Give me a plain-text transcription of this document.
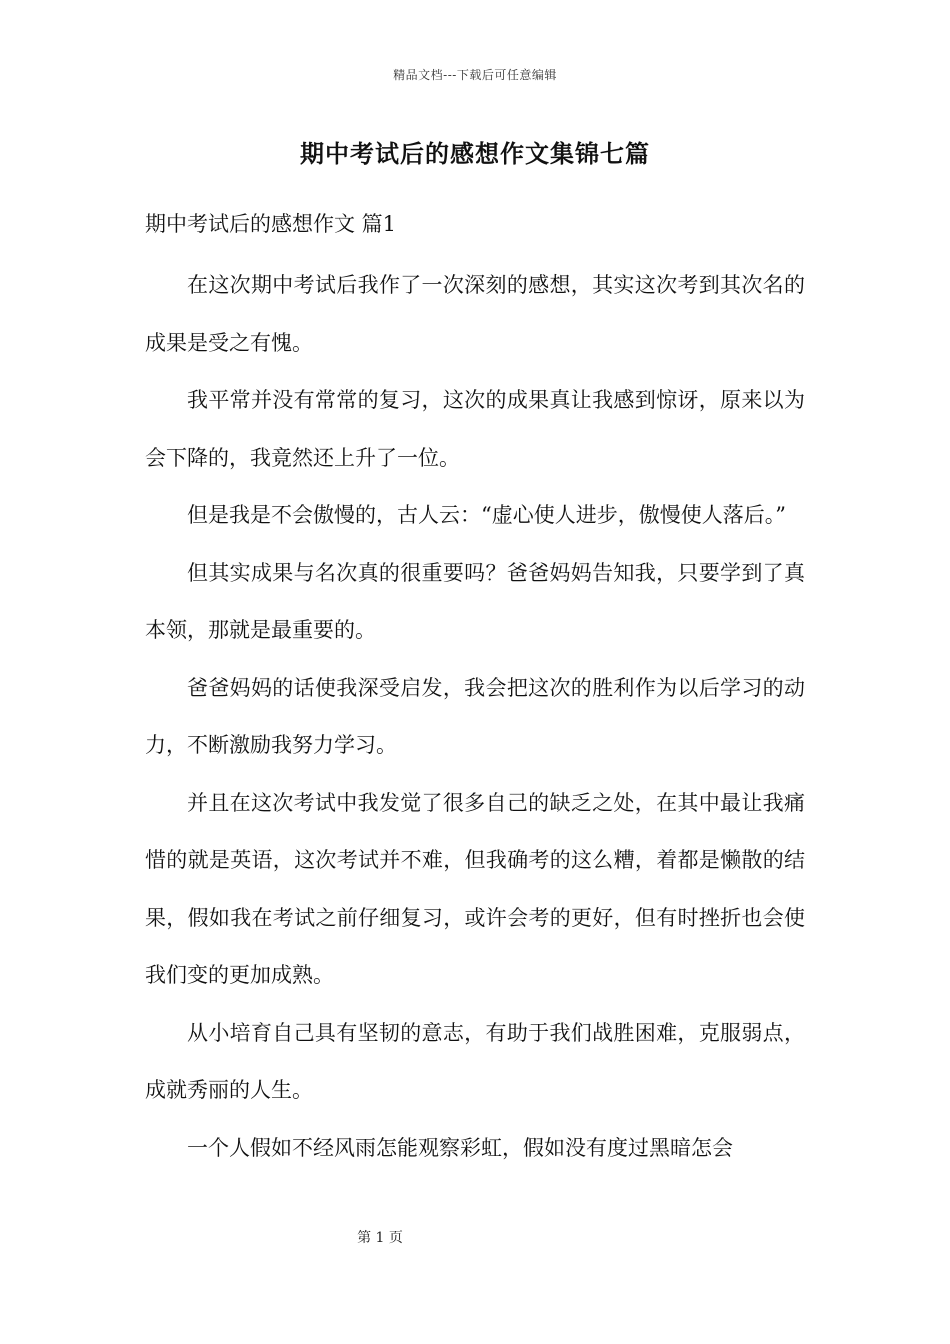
精品文档---下载后可任意编辑
期中考试后的感想作文集锦七篇
期中考试后的感想作文 篇1

在这次期中考试后我作了一次深刻的感想，其实这次考到其次名的成果是受之有愧。

我平常并没有常常的复习，这次的成果真让我感到惊讶，原来以为会下降的，我竟然还上升了一位。

但是我是不会傲慢的，古人云：“虚心使人进步，傲慢使人落后。”

但其实成果与名次真的很重要吗？爸爸妈妈告知我，只要学到了真本领，那就是最重要的。

爸爸妈妈的话使我深受启发，我会把这次的胜利作为以后学习的动力，不断激励我努力学习。

并且在这次考试中我发觉了很多自己的缺乏之处，在其中最让我痛惜的就是英语，这次考试并不难，但我确考的这么糟，着都是懒散的结果，假如我在考试之前仔细复习，或许会考的更好，但有时挫折也会使我们变的更加成熟。

从小培育自己具有坚韧的意志，有助于我们战胜困难，克服弱点，成就秀丽的人生。

一个人假如不经风雨怎能观察彩虹，假如没有度过黑暗怎会

第 1 页
